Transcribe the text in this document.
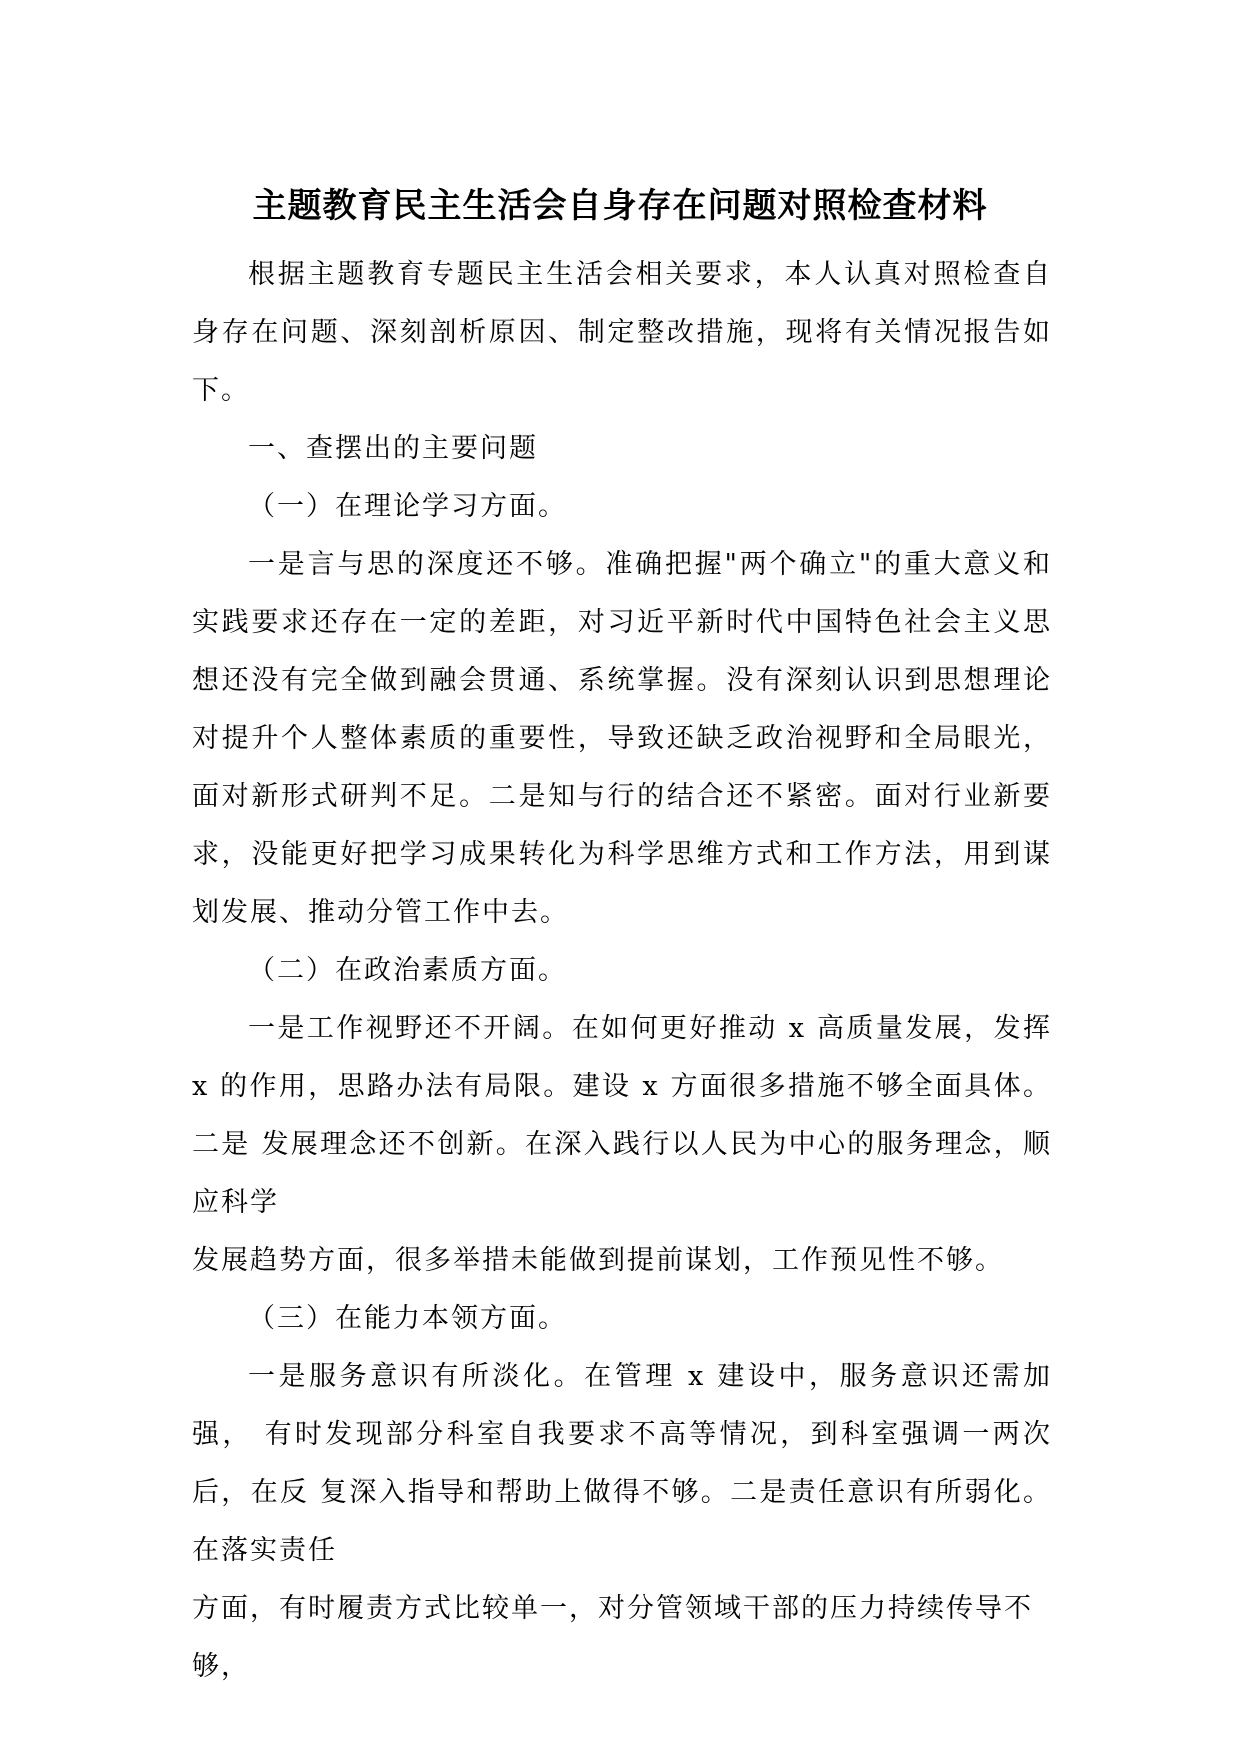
主题教育民主生活会自身存在问题对照检查材料

根据主题教育专题民主生活会相关要求，本人认真对照检查自身存在问题、深刻剖析原因、制定整改措施，现将有关情况报告如下。

一、查摆出的主要问题

（一）在理论学习方面。

一是言与思的深度还不够。准确把握"两个确立"的重大意义和实践要求还存在一定的差距，对习近平新时代中国特色社会主义思想还没有完全做到融会贯通、系统掌握。没有深刻认识到思想理论对提升个人整体素质的重要性，导致还缺乏政治视野和全局眼光，面对新形式研判不足。二是知与行的结合还不紧密。面对行业新要求，没能更好把学习成果转化为科学思维方式和工作方法，用到谋划发展、推动分管工作中去。

（二）在政治素质方面。

一是工作视野还不开阔。在如何更好推动 x 高质量发展，发挥 x 的作用，思路办法有局限。建设 x 方面很多措施不够全面具体。二是 发展理念还不创新。在深入践行以人民为中心的服务理念，顺应科学

发展趋势方面，很多举措未能做到提前谋划，工作预见性不够。

（三）在能力本领方面。

一是服务意识有所淡化。在管理 x 建设中，服务意识还需加强， 有时发现部分科室自我要求不高等情况，到科室强调一两次后，在反 复深入指导和帮助上做得不够。二是责任意识有所弱化。在落实责任

方面，有时履责方式比较单一，对分管领域干部的压力持续传导不够，
